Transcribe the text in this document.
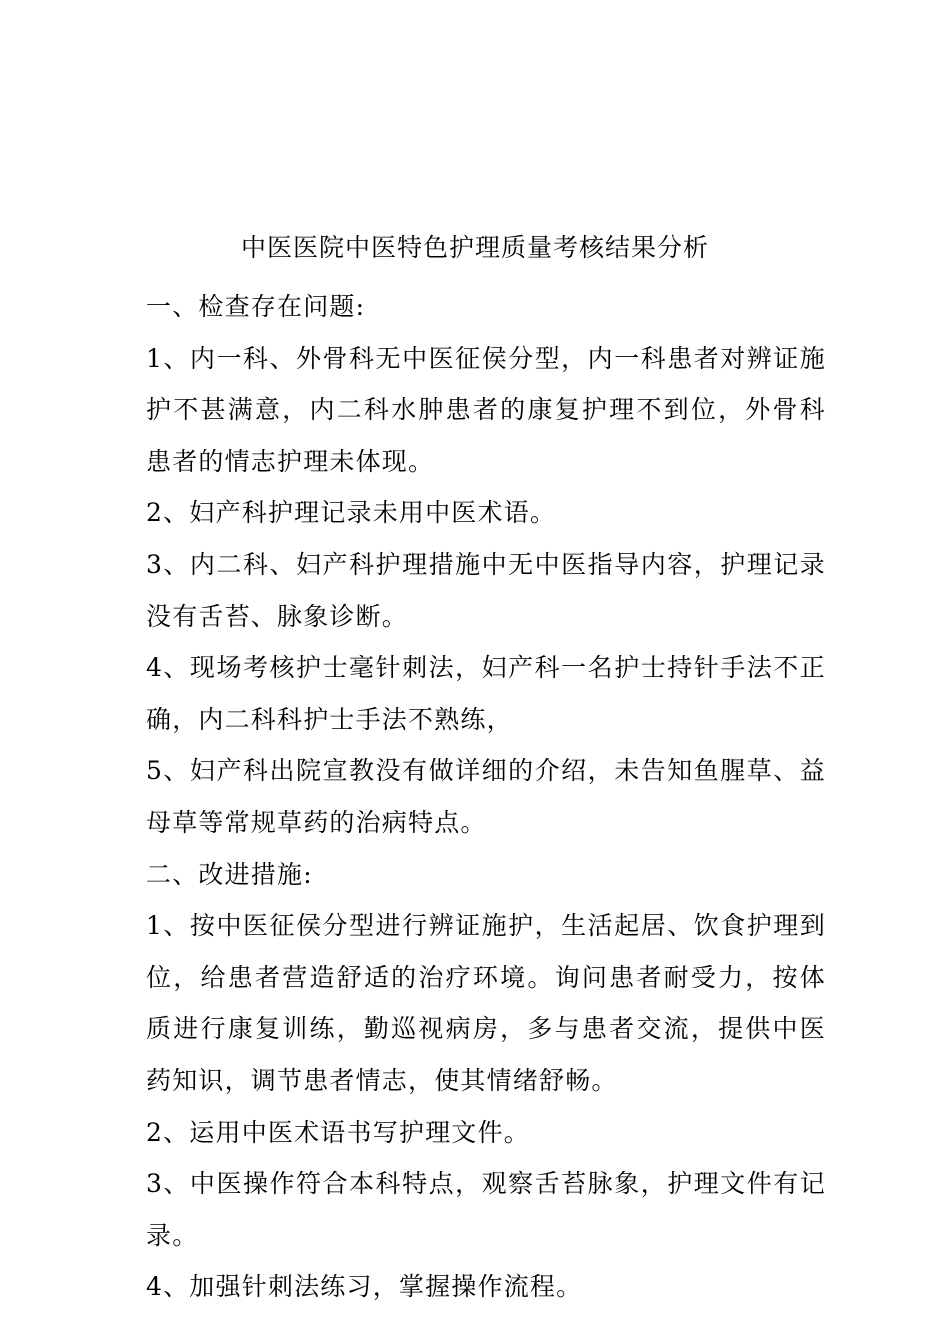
中医医院中医特色护理质量考核结果分析

一、检查存在问题:

1、内一科、外骨科无中医征侯分型，内一科患者对辨证施护不甚满意，内二科水肿患者的康复护理不到位，外骨科患者的情志护理未体现。

2、妇产科护理记录未用中医术语。

3、内二科、妇产科护理措施中无中医指导内容，护理记录没有舌苔、脉象诊断。

4、现场考核护士毫针刺法，妇产科一名护士持针手法不正确，内二科科护士手法不熟练，

5、妇产科出院宣教没有做详细的介绍，未告知鱼腥草、益母草等常规草药的治病特点。

二、改进措施:

1、按中医征侯分型进行辨证施护，生活起居、饮食护理到位，给患者营造舒适的治疗环境。询问患者耐受力，按体质进行康复训练，勤巡视病房，多与患者交流，提供中医药知识，调节患者情志，使其情绪舒畅。

2、运用中医术语书写护理文件。

3、中医操作符合本科特点，观察舌苔脉象，护理文件有记录。

4、加强针刺法练习，掌握操作流程。
